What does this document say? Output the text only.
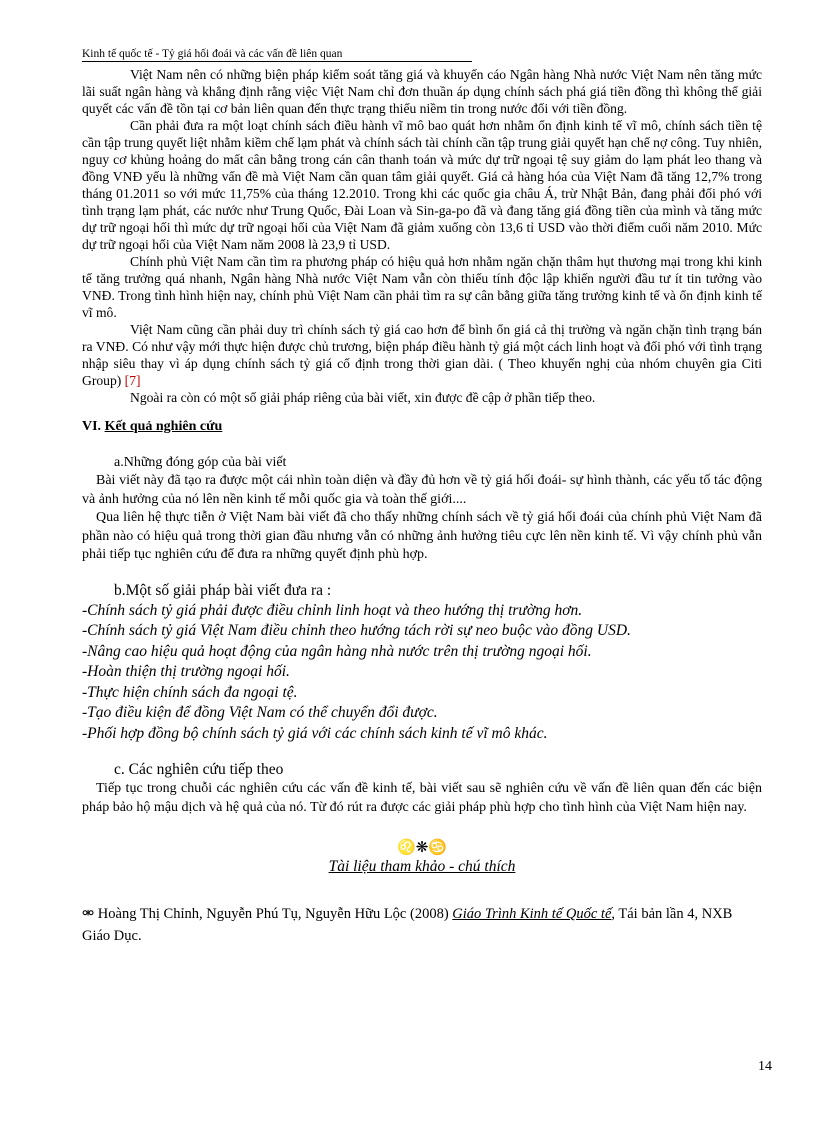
Kinh tế quốc tế - Tỷ giá hối đoái và các vấn đề liên quan

Việt Nam nên có những biện pháp kiểm soát tăng giá và khuyến cáo Ngân hàng Nhà nước Việt Nam nên tăng mức lãi suất ngân hàng và khẳng định rằng việc Việt Nam chỉ đơn thuần áp dụng chính sách phá giá tiền đồng thì không thể giải quyết các vấn đề tồn tại cơ bản liên quan đến thực trạng thiếu niềm tin trong nước đối với tiền đồng.

Cần phải đưa ra một loạt chính sách điều hành vĩ mô bao quát hơn nhằm ổn định kinh tế vĩ mô, chính sách tiền tệ cần tập trung quyết liệt nhằm kiềm chế lạm phát và chính sách tài chính cần tập trung giải quyết hạn chế nợ công. Tuy nhiên, nguy cơ khủng hoảng do mất cân bằng trong cán cân thanh toán và mức dự trữ ngoại tệ suy giảm do lạm phát leo thang và đồng VNĐ yếu là những vấn đề mà Việt Nam cần quan tâm giải quyết. Giá cả hàng hóa của Việt Nam đã tăng 12,7% trong tháng 01.2011 so với mức 11,75% của tháng 12.2010. Trong khi các quốc gia châu Á, trừ Nhật Bản, đang phải đối phó với tình trạng lạm phát, các nước như Trung Quốc, Đài Loan và Sin-ga-po đã và đang tăng giá đồng tiền của mình và tăng mức dự trữ ngoại hối thì mức dự trữ ngoại hối của Việt Nam đã giảm xuống còn 13,6 tỉ USD vào thời điểm cuối năm 2010. Mức dự trữ ngoại hối của Việt Nam năm 2008 là 23,9 tỉ USD.

Chính phủ Việt Nam cần tìm ra phương pháp có hiệu quả hơn nhằm ngăn chặn thâm hụt thương mại trong khi kinh tế tăng trưởng quá nhanh, Ngân hàng Nhà nước Việt Nam vẫn còn thiếu tính độc lập khiến người đầu tư ít tin tưởng vào VNĐ. Trong tình hình hiện nay, chính phủ Việt Nam cần phải tìm ra sự cân bằng giữa tăng trưởng kinh tế và ổn định kinh tế vĩ mô.

Việt Nam cũng cần phải duy trì chính sách tỷ giá cao hơn để bình ổn giá cả thị trường và ngăn chặn tình trạng bán ra VNĐ. Có như vậy mới thực hiện được chủ trương, biện pháp điều hành tỷ giá một cách linh hoạt và đối phó với tình trạng nhập siêu thay vì áp dụng chính sách tỷ giá cố định trong thời gian dài. ( Theo khuyến nghị của nhóm chuyên gia Citi Group) [7]

Ngoài ra còn có một số giải pháp riêng của bài viết, xin được đề cập ở phần tiếp theo.

VI. Kết quả nghiên cứu
a.Những đóng góp của bài viết

Bài viết này đã tạo ra được một cái nhìn toàn diện và đầy đủ hơn về tỷ giá hối đoái- sự hình thành, các yếu tố tác động và ảnh hưởng của nó lên nền kinh tế mỗi quốc gia và toàn thế giới....

Qua liên hệ thực tiễn ở Việt Nam bài viết đã cho thấy những chính sách về tỷ giá hối đoái của chính phủ Việt Nam đã phần nào có hiệu quả trong thời gian đầu nhưng vẫn có những ảnh hưởng tiêu cực lên nền kinh tế. Vì vậy chính phủ vẫn phải tiếp tục nghiên cứu để đưa ra những quyết định phù hợp.

b.Một số giải pháp bài viết đưa ra :

-Chính sách tỷ giá phải được điều chỉnh linh hoạt và theo hướng thị trường hơn.

-Chính sách tỷ giá Việt Nam điều chỉnh theo hướng tách rời sự neo buộc vào đồng USD.

-Nâng cao hiệu quả hoạt động của ngân hàng nhà nước trên thị trường ngoại hối.

-Hoàn thiện thị trường ngoại hối.

-Thực hiện chính sách đa ngoại tệ.

-Tạo điều kiện để đồng Việt Nam có thể chuyển đổi được.

-Phối hợp đồng bộ chính sách tỷ giá với các chính sách kinh tế vĩ mô khác.

c. Các nghiên cứu tiếp theo

Tiếp tục trong chuỗi các nghiên cứu các vấn đề kinh tế, bài viết sau sẽ nghiên cứu về vấn đề liên quan đến các biện pháp bảo hộ mậu dịch và hệ quả của nó. Từ đó rút ra được các giải pháp phù hợp cho tình hình của Việt Nam hiện nay.

♌❋♋
Tài liệu tham khảo - chú thích

⚮ Hoàng Thị Chỉnh, Nguyễn Phú Tụ, Nguyễn Hữu Lộc (2008) Giáo Trình Kinh tế Quốc tế, Tái bản lần 4, NXB Giáo Dục.

14
